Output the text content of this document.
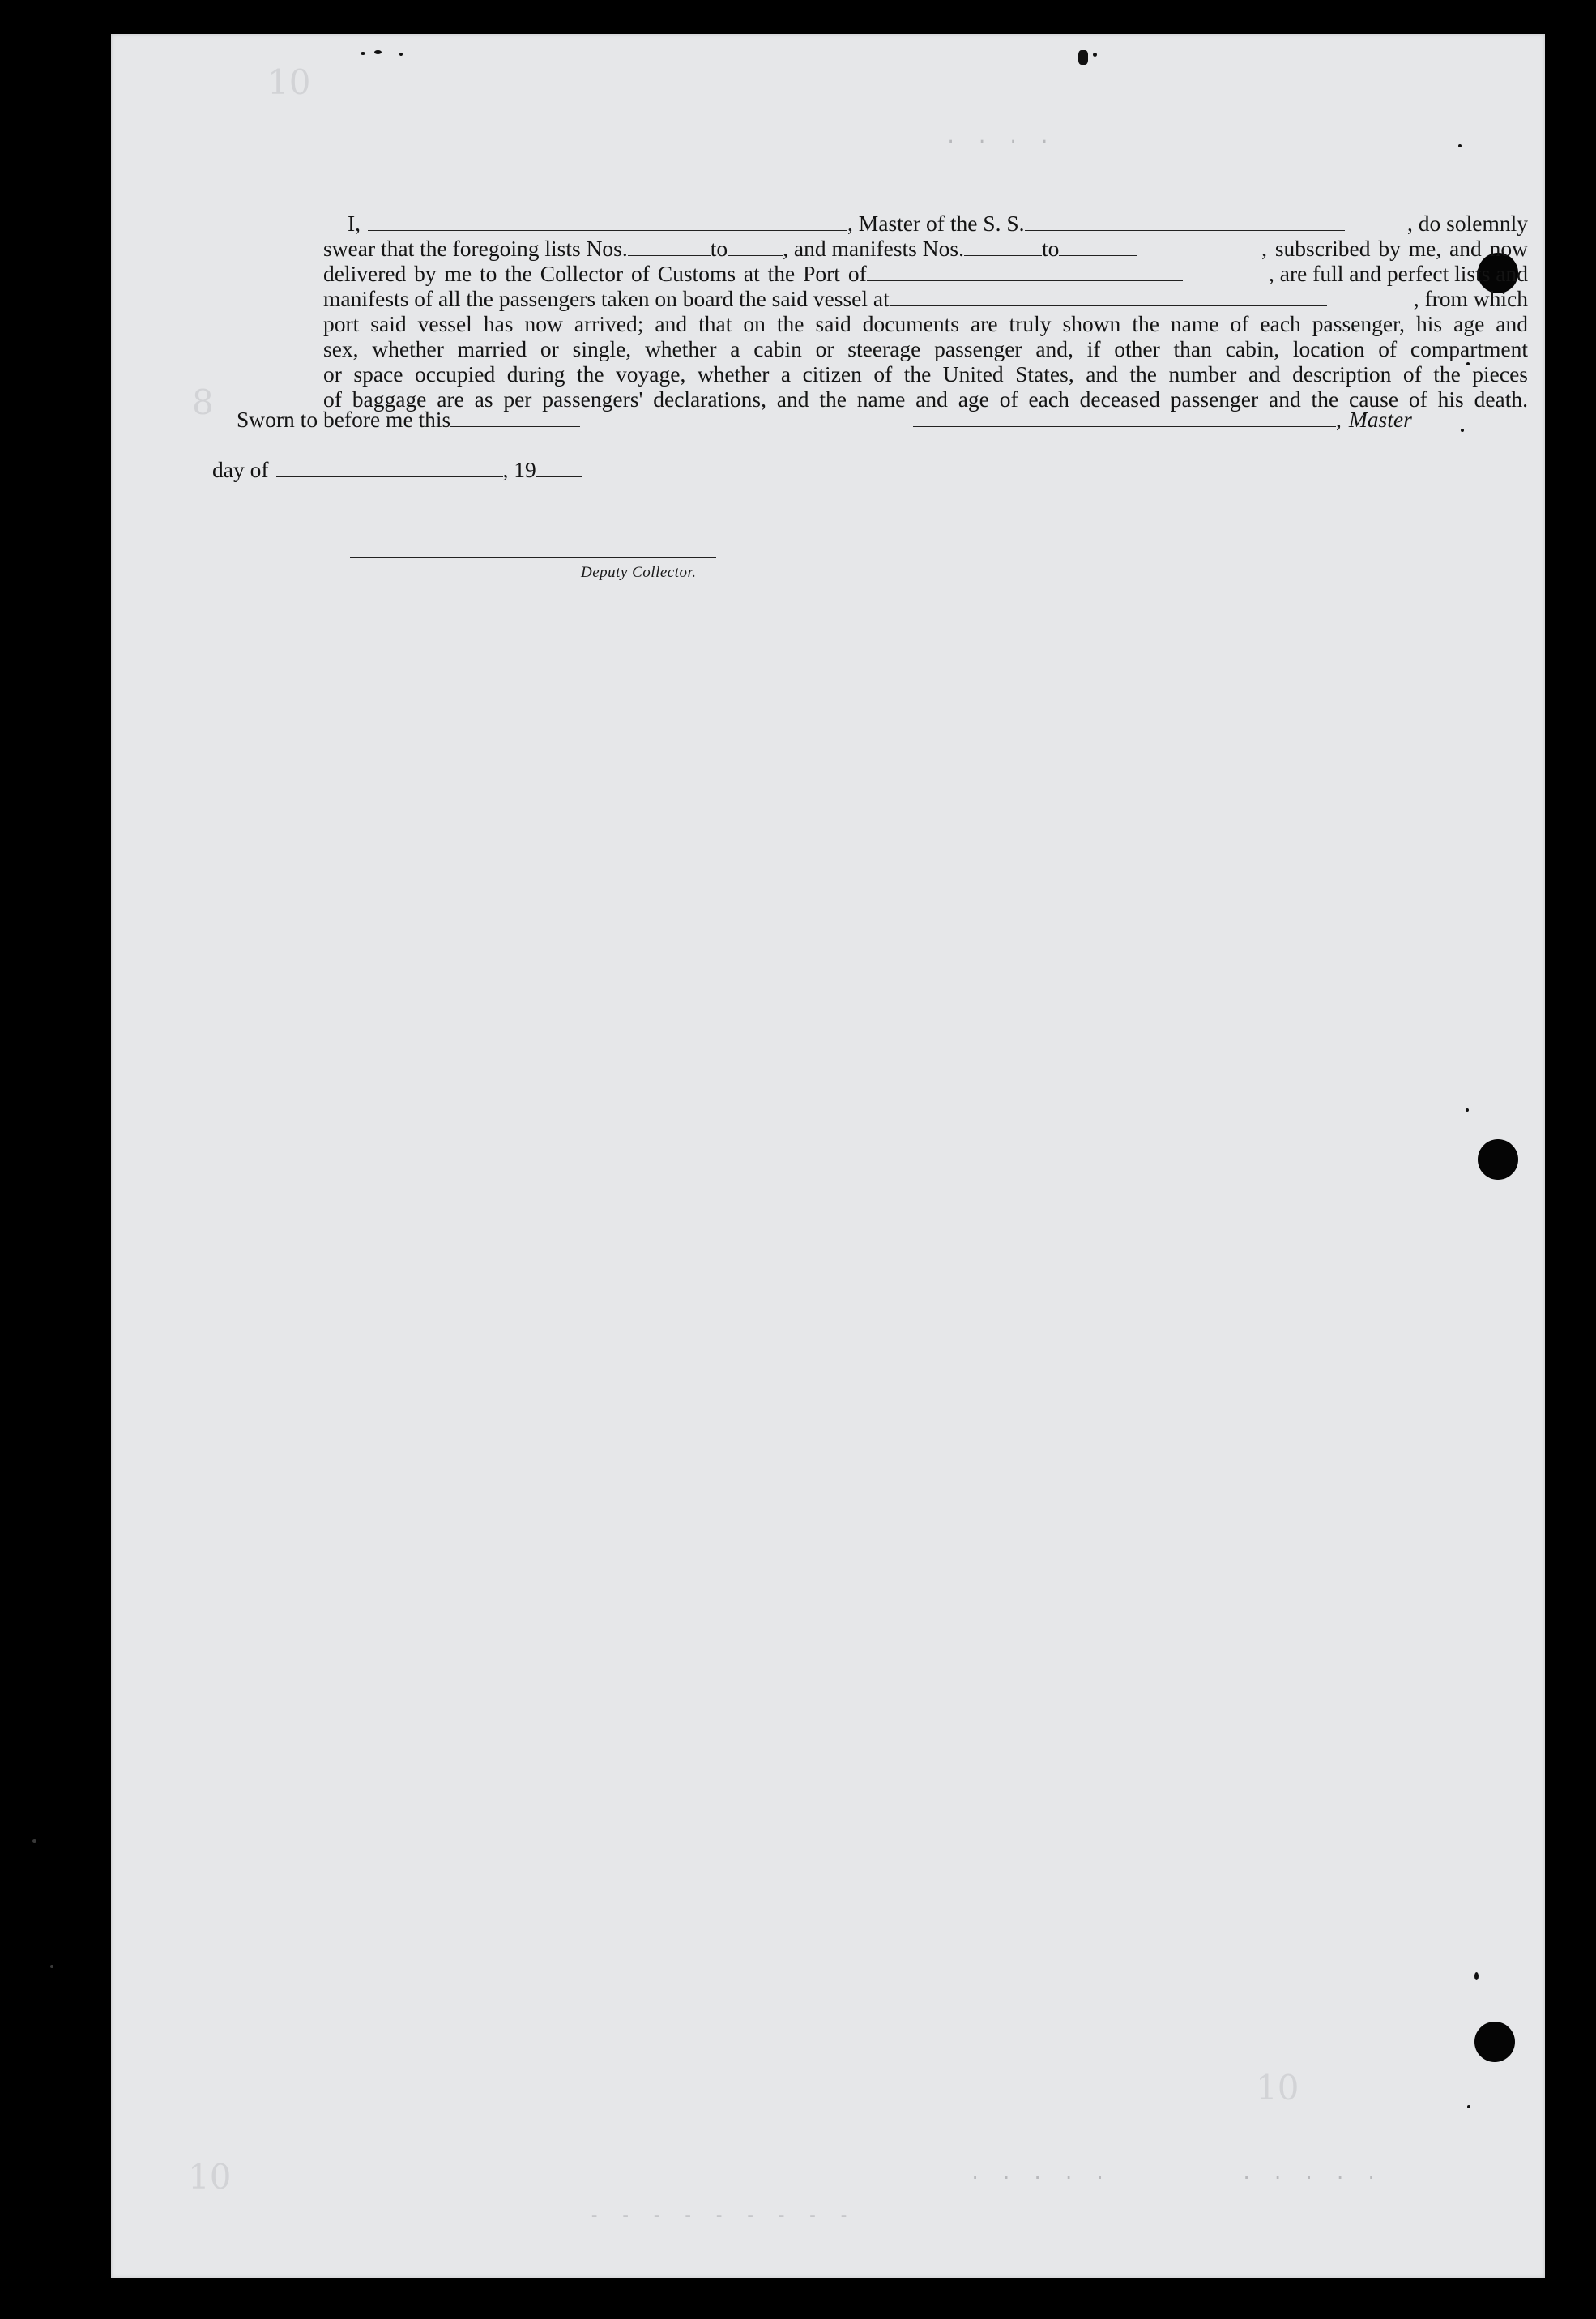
10
8
10
10	. . . . .	. . . . .
. . . .
- - - - - - - - -
I,	, Master of the S. S.	, do solemnly
swear that the foregoing lists Nos.	to , and manifests Nos.	to	, subscribed by me, and now
delivered by me to the Collector of Customs at the Port of	, are full and perfect lists and
manifests of all the passengers taken on board the said vessel at	, from which
port said vessel has now arrived; and that on the said documents are truly shown the name of each passenger, his age and
sex, whether married or single, whether a cabin or steerage passenger and, if other than cabin, location of compartment
or space occupied during the voyage, whether a citizen of the United States, and the number and description of the pieces
of baggage are as per passengers' declarations, and the name and age of each deceased passenger and the cause of his death.
Sworn to before me this	, Master
day of	, 19
Deputy Collector.
